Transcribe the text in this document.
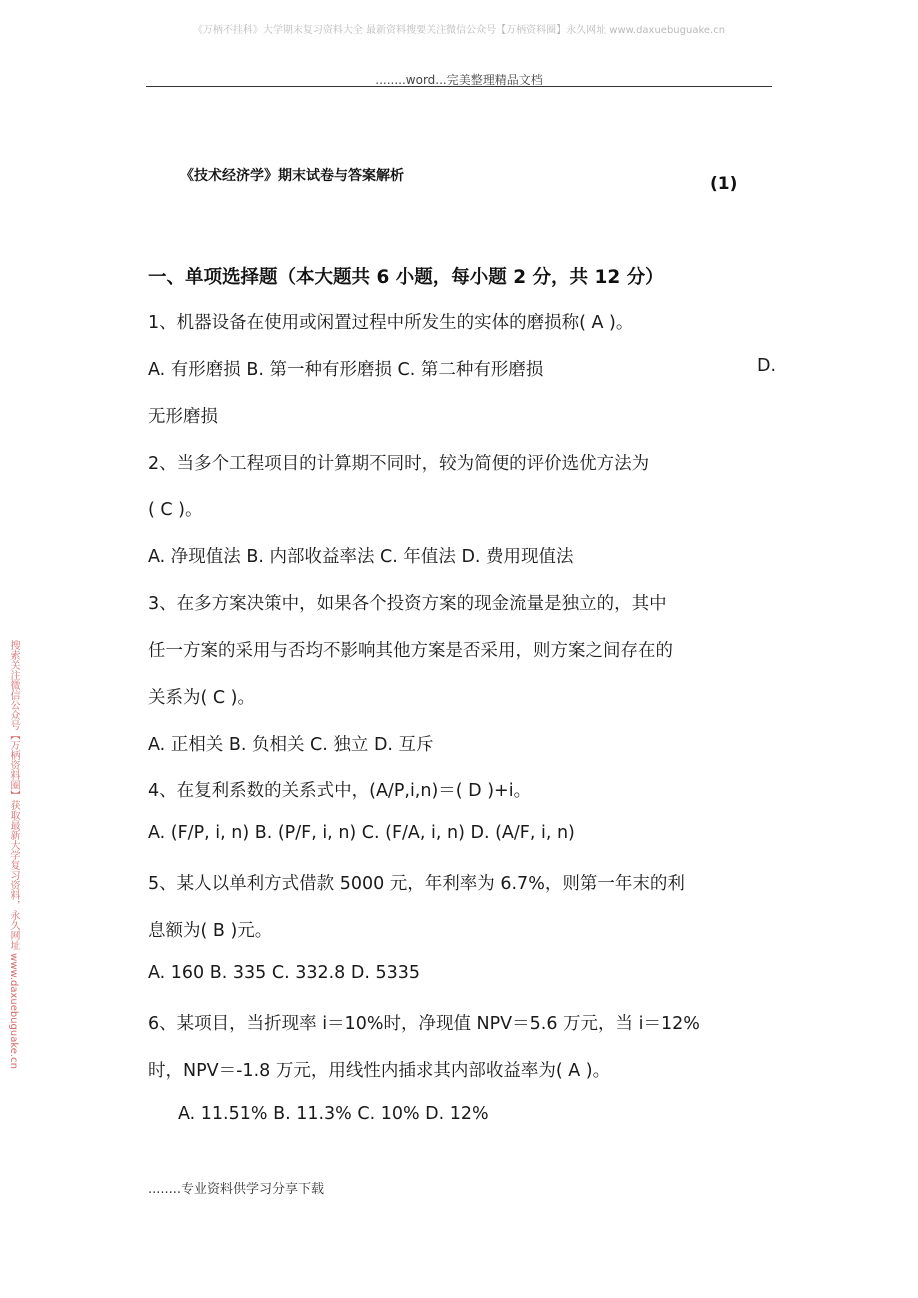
《万柄不挂科》大学期末复习资料大全 最新资料搜要关注微信公众号【万柄资料圈】永久网址 www.daxuebuguake.cn
........word...完美整理精品文档
《技术经济学》期末试卷与答案解析	(1)
一、单项选择题（本大题共 6 小题，每小题 2 分，共 12 分）
1、机器设备在使用或闲置过程中所发生的实体的磨损称( A )。
A. 有形磨损 B. 第一种有形磨损 C. 第二种有形磨损	D.
无形磨损
2、当多个工程项目的计算期不同时，较为简便的评价选优方法为
( C )。
A. 净现值法 B. 内部收益率法 C. 年值法 D. 费用现值法
3、在多方案决策中，如果各个投资方案的现金流量是独立的，其中
任一方案的采用与否均不影响其他方案是否采用，则方案之间存在的
关系为( C )。
A. 正相关 B. 负相关 C. 独立 D. 互斥
4、在复利系数的关系式中，(A/P,i,n)＝( D )+i。
A. (F/P, i, n) B. (P/F, i, n) C. (F/A, i, n) D. (A/F, i, n)
5、某人以单利方式借款 5000 元，年利率为 6.7%，则第一年末的利
息额为( B )元。
A. 160 B. 335 C. 332.8 D. 5335
6、某项目，当折现率 i＝10%时，净现值 NPV＝5.6 万元，当 i＝12%
时，NPV＝-1.8 万元，用线性内插求其内部收益率为( A )。
A. 11.51% B. 11.3% C. 10% D. 12%
........专业资料供学习分享下载
搜索关注微信公众号【万柄资料圈】获取最新大学复习资料，永久网址 www.daxuebuguake.cn
